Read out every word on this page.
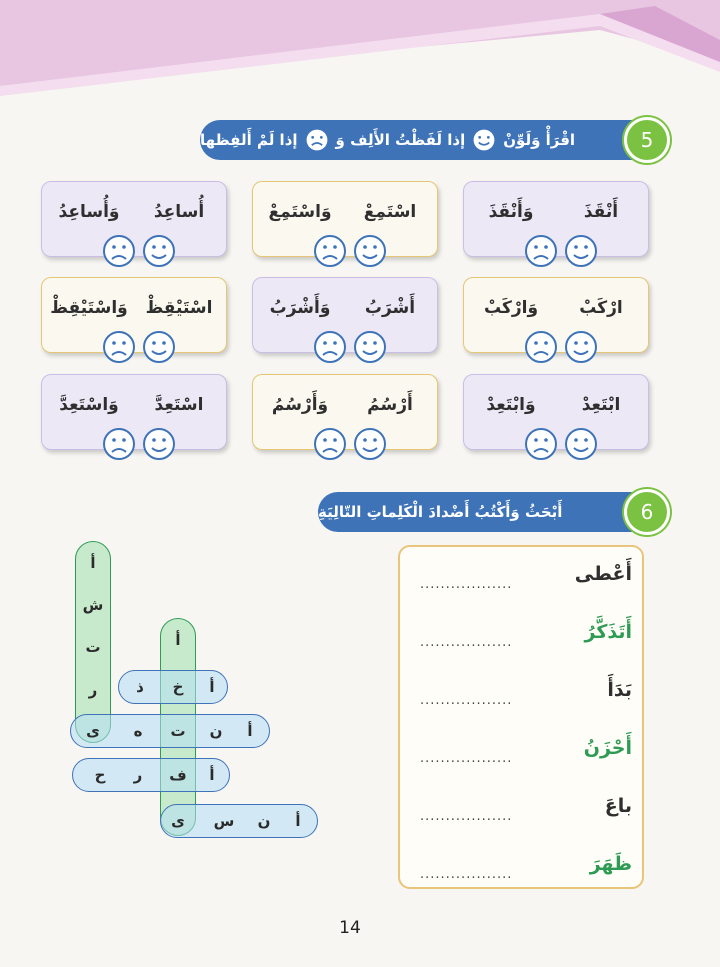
اقْرَأْ وَلَوِّنْ
إذا لَفَظْتُ الأَلِف وَ
إذا لَمْ أَلفِظها	5
أَنْقَذَ
وَأَنْقَذَ
اسْتَمِعْ
وَاسْتَمِعْ
أُساعِدُ
وَأُساعِدُ
ارْكَبْ
وَارْكَبْ
أَشْرَبُ
وَأَشْرَبُ
اسْتَيْقِظْ
وَاسْتَيْقِظْ
ابْتَعِدْ
وَابْتَعِدْ
أَرْسُمُ
وَأَرْسُمُ
اسْتَعِدَّ
وَاسْتَعِدَّ
أَبْحَثُ وَأَكْتُبُ أَضْدادَ الْكَلِماتِ التّالِيَةِ	6
أَعْطى
..................
أَتَذَكَّرُ
..................
بَدَأَ
..................
أَحْزَنُ
..................
باعَ
..................
ظَهَرَ
..................
أ
ش
ت
ر
ى
أ
خ
ت
ف
ى
أ
ذ
أ
ن
ه
أ
ر
ح
أ
ن
س
14
